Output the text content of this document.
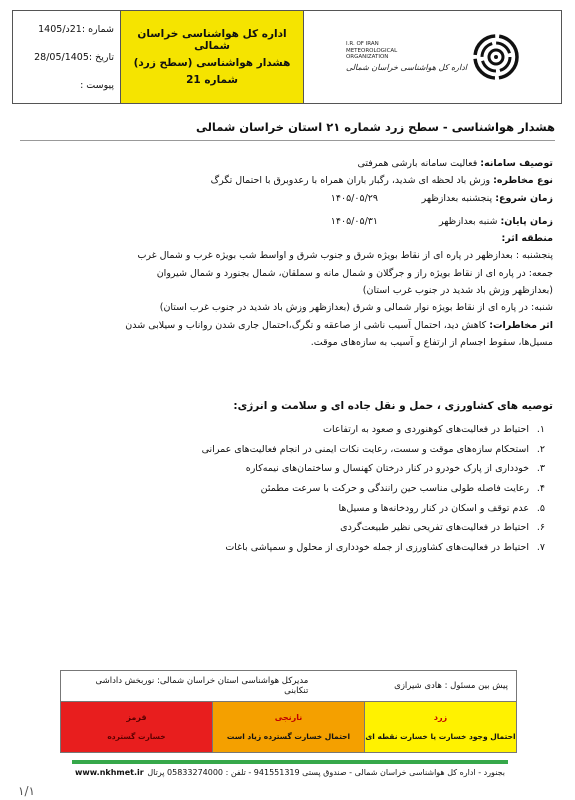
شماره :21د/1405
تاریخ :28/05/1405
پیوست :
اداره کل هواشناسی خراسان شمالی
هشدار هواشناسی (سطح زرد)
شماره 21
I.R. OF IRAN
METEOROLOGICAL
ORGANIZATION
اداره کل هواشناسی خراسان شمالی
هشدار هواشناسی - سطح زرد شماره ۲۱ استان خراسان شمالی
توصیف سامانه: فعالیت سامانه بارشی همرفتی
نوع مخاطره: وزش باد لحظه ای شدید، رگبار باران همراه با رعدوبرق با احتمال تگرگ
زمان شروع: پنجشنبه بعدازظهر
۱۴۰۵/۰۵/۲۹
زمان پایان: شنبه بعدازظهر
۱۴۰۵/۰۵/۳۱
منطقه اثر:
پنجشنبه : بعدازظهر در پاره ای از نقاط بویژه شرق و جنوب شرق و اواسط شب بویژه غرب و شمال غرب
جمعه: در پاره ای از نقاط بویژه راز و جرگلان و شمال مانه و سملقان، شمال بجنورد و شمال شیروان
(بعدازظهر وزش باد شدید در جنوب غرب استان)
شنبه: در پاره ای از نقاط بویژه نوار شمالی و شرق (بعدازظهر وزش باد شدید در جنوب غرب استان)
اثر مخاطرات: کاهش دید، احتمال آسیب ناشی از صاعقه و تگرگ،احتمال جاری شدن رواناب و سیلابی شدن
مسیل‌ها، سقوط اجسام از ارتفاع و آسیب به سازه‌های موقت.
توصیه های کشاورزی ، حمل و نقل جاده ای و سلامت و انرژی:
۱.احتیاط در فعالیت‌های کوهنوردی و صعود به ارتفاعات
۲.استحکام سازه‌های موقت و سست، رعایت نکات ایمنی در انجام فعالیت‌های عمرانی
۳.خودداری از پارک خودرو در کنار درختان کهنسال و ساختمان‌های نیمه‌کاره
۴.رعایت فاصله طولی مناسب حین رانندگی و حرکت با سرعت مطمئن
۵.عدم توقف و اسکان در کنار رودخانه‌ها و مسیل‌ها
۶.احتیاط در فعالیت‌های تفریحی نظیر طبیعت‌گردی
۷.احتیاط در فعالیت‌های کشاورزی از جمله خودداری از محلول و سمپاشی باغات
پیش بین مسئول : هادی شیرازی
مدیرکل هواشناسی استان خراسان شمالی: نوربخش داداشی تنکابنی
زرد
احتمال وجود خسارت یا خسارت نقطه ای
نارنجی
احتمال خسارت گسترده زیاد است
قرمز
خسارت گسترده
بجنورد - اداره کل هواشناسی خراسان شمالی - صندوق پستی 941551319 - تلفن : 05833274000 پرتال
www.nkhmet.ir
۱/۱
